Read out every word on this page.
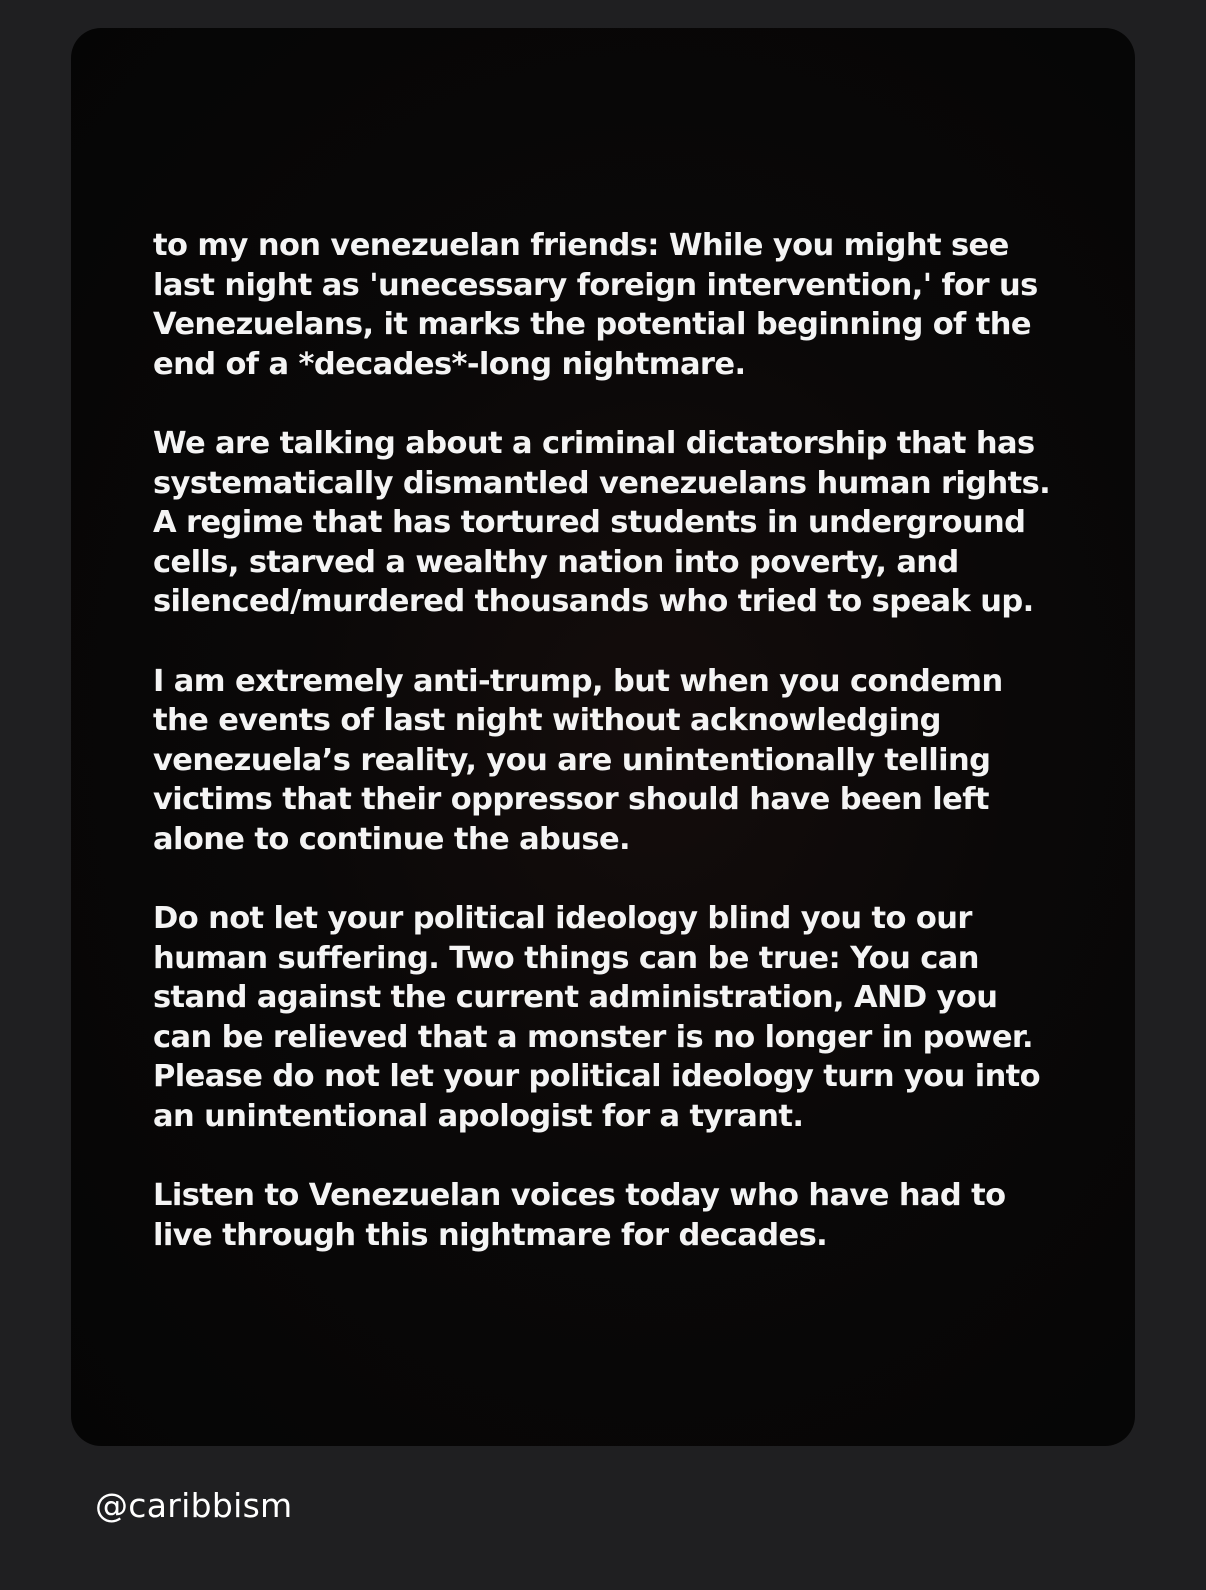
to my non venezuelan friends: While you might see
last night as 'unecessary foreign intervention,' for us
Venezuelans, it marks the potential beginning of the
end of a *decades*-long nightmare.
We are talking about a criminal dictatorship that has
systematically dismantled venezuelans human rights.
A regime that has tortured students in underground
cells, starved a wealthy nation into poverty, and
silenced/murdered thousands who tried to speak up.
I am extremely anti-trump, but when you condemn
the events of last night without acknowledging
venezuela’s reality, you are unintentionally telling
victims that their oppressor should have been left
alone to continue the abuse.
Do not let your political ideology blind you to our
human suffering. Two things can be true: You can
stand against the current administration, AND you
can be relieved that a monster is no longer in power.
Please do not let your political ideology turn you into
an unintentional apologist for a tyrant.
Listen to Venezuelan voices today who have had to
live through this nightmare for decades.
@caribbism
